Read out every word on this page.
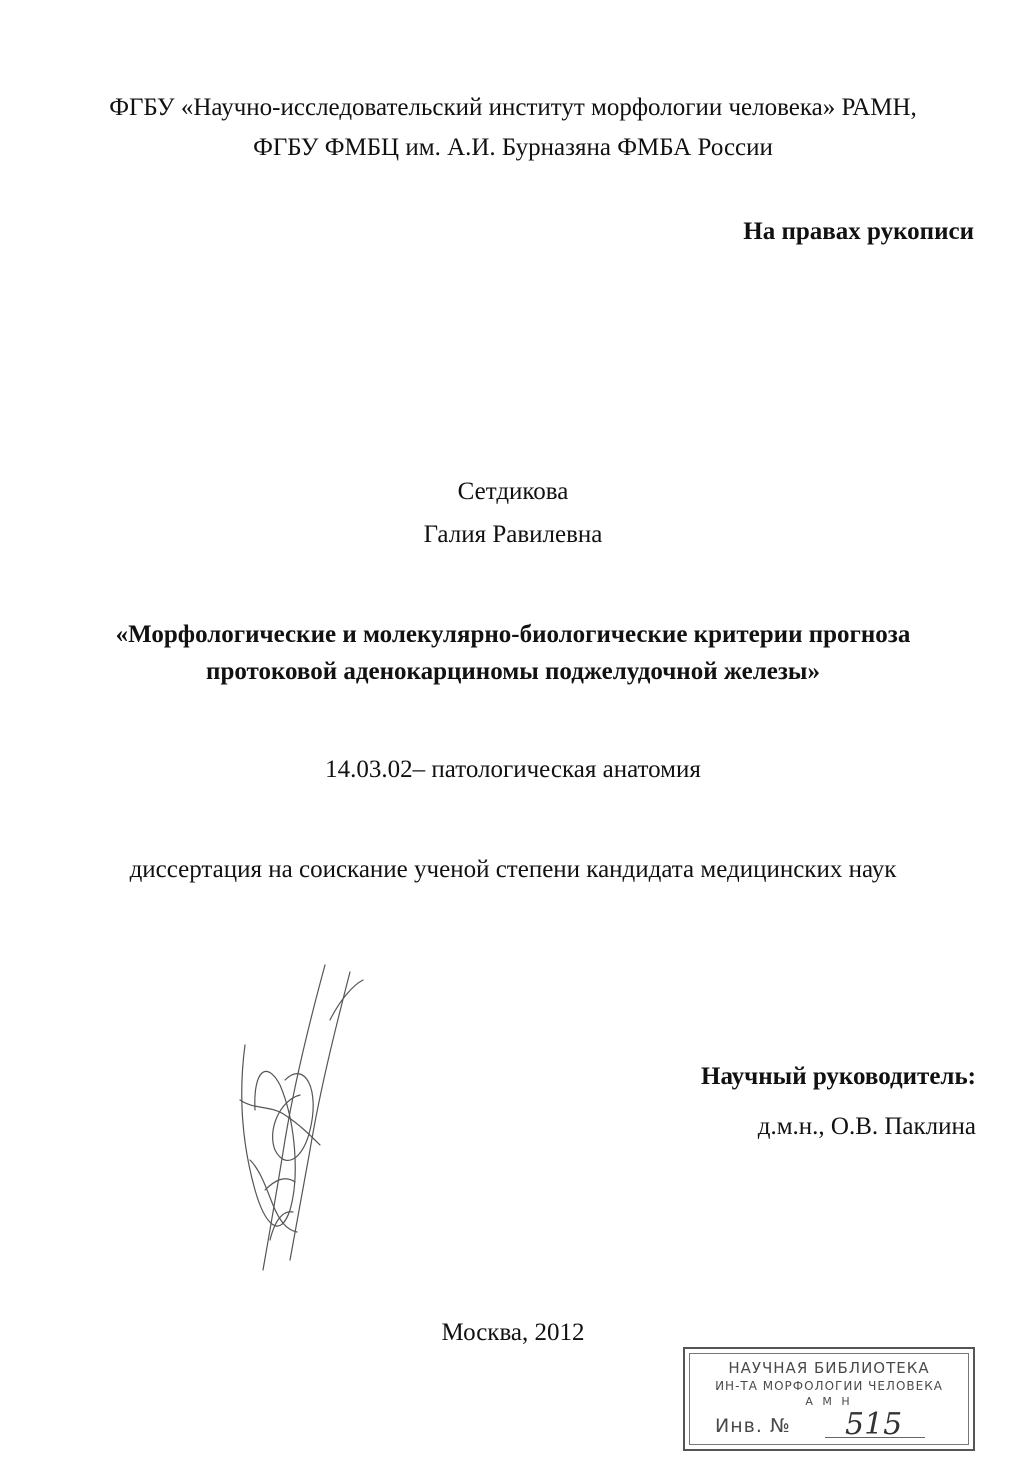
ФГБУ «Научно-исследовательский институт морфологии человека» РАМН,
ФГБУ ФМБЦ им. А.И. Бурназяна ФМБА России
На правах рукописи
Сетдикова
Галия Равилевна
«Морфологические и молекулярно-биологические критерии прогноза
протоковой аденокарциномы поджелудочной железы»
14.03.02– патологическая анатомия
диссертация на соискание ученой степени кандидата медицинских наук
Научный руководитель:
д.м.н., О.В. Паклина
Москва, 2012
НАУЧНАЯ БИБЛИОТЕКА
ИН-ТА МОРФОЛОГИИ ЧЕЛОВЕКА
А М Н
Инв. № 515
